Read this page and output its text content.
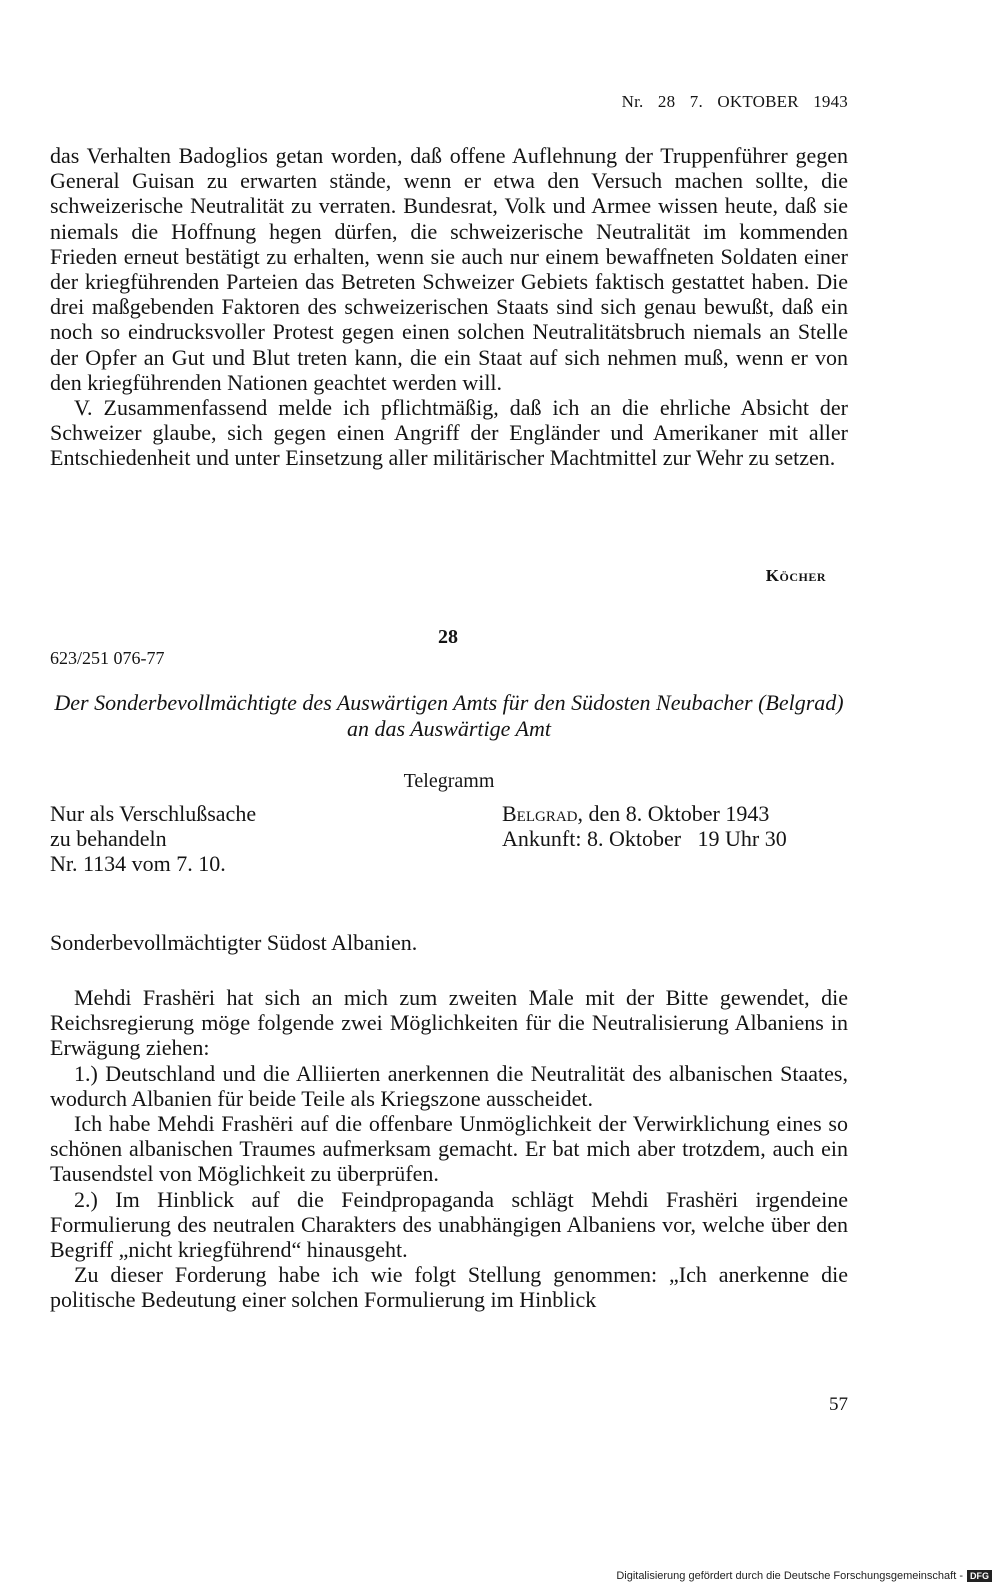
Nr. 28 7. OKTOBER 1943

das Verhalten Badoglios getan worden, daß offene Auflehnung der Truppenführer gegen General Guisan zu erwarten stände, wenn er etwa den Versuch machen sollte, die schweizerische Neutralität zu verraten. Bundesrat, Volk und Armee wissen heute, daß sie niemals die Hoffnung hegen dürfen, die schweizerische Neutralität im kommenden Frieden erneut bestätigt zu erhalten, wenn sie auch nur einem bewaffneten Soldaten einer der kriegführenden Parteien das Betreten Schweizer Gebiets faktisch gestattet haben. Die drei maßgebenden Faktoren des schweizerischen Staats sind sich genau bewußt, daß ein noch so eindrucksvoller Protest gegen einen solchen Neutralitätsbruch niemals an Stelle der Opfer an Gut und Blut treten kann, die ein Staat auf sich nehmen muß, wenn er von den kriegführenden Nationen geachtet werden will.

V. Zusammenfassend melde ich pflichtmäßig, daß ich an die ehrliche Absicht der Schweizer glaube, sich gegen einen Angriff der Engländer und Amerikaner mit aller Entschiedenheit und unter Einsetzung aller militärischer Machtmittel zur Wehr zu setzen.

Köcher
28
623/251 076-77
Der Sonderbevollmächtigte des Auswärtigen Amts für den Südosten Neubacher (Belgrad) an das Auswärtige Amt
Telegramm
Nur als Verschlußsache
zu behandeln
Nr. 1134 vom 7. 10.
Belgrad, den 8. Oktober 1943
Ankunft: 8. Oktober   19 Uhr 30
Sonderbevollmächtigter Südost Albanien.

Mehdi Frashëri hat sich an mich zum zweiten Male mit der Bitte gewendet, die Reichsregierung möge folgende zwei Möglichkeiten für die Neutralisierung Albaniens in Erwägung ziehen:

1.) Deutschland und die Alliierten anerkennen die Neutralität des albanischen Staates, wodurch Albanien für beide Teile als Kriegszone ausscheidet.

Ich habe Mehdi Frashëri auf die offenbare Unmöglichkeit der Verwirklichung eines so schönen albanischen Traumes aufmerksam gemacht. Er bat mich aber trotzdem, auch ein Tausendstel von Möglichkeit zu überprüfen.

2.) Im Hinblick auf die Feindpropaganda schlägt Mehdi Frashëri irgendeine Formulierung des neutralen Charakters des unabhängigen Albaniens vor, welche über den Begriff „nicht kriegführend“ hinausgeht.

Zu dieser Forderung habe ich wie folgt Stellung genommen: „Ich anerkenne die politische Bedeutung einer solchen Formulierung im Hinblick

57
Digitalisierung gefördert durch die Deutsche Forschungsgemeinschaft - DFG
